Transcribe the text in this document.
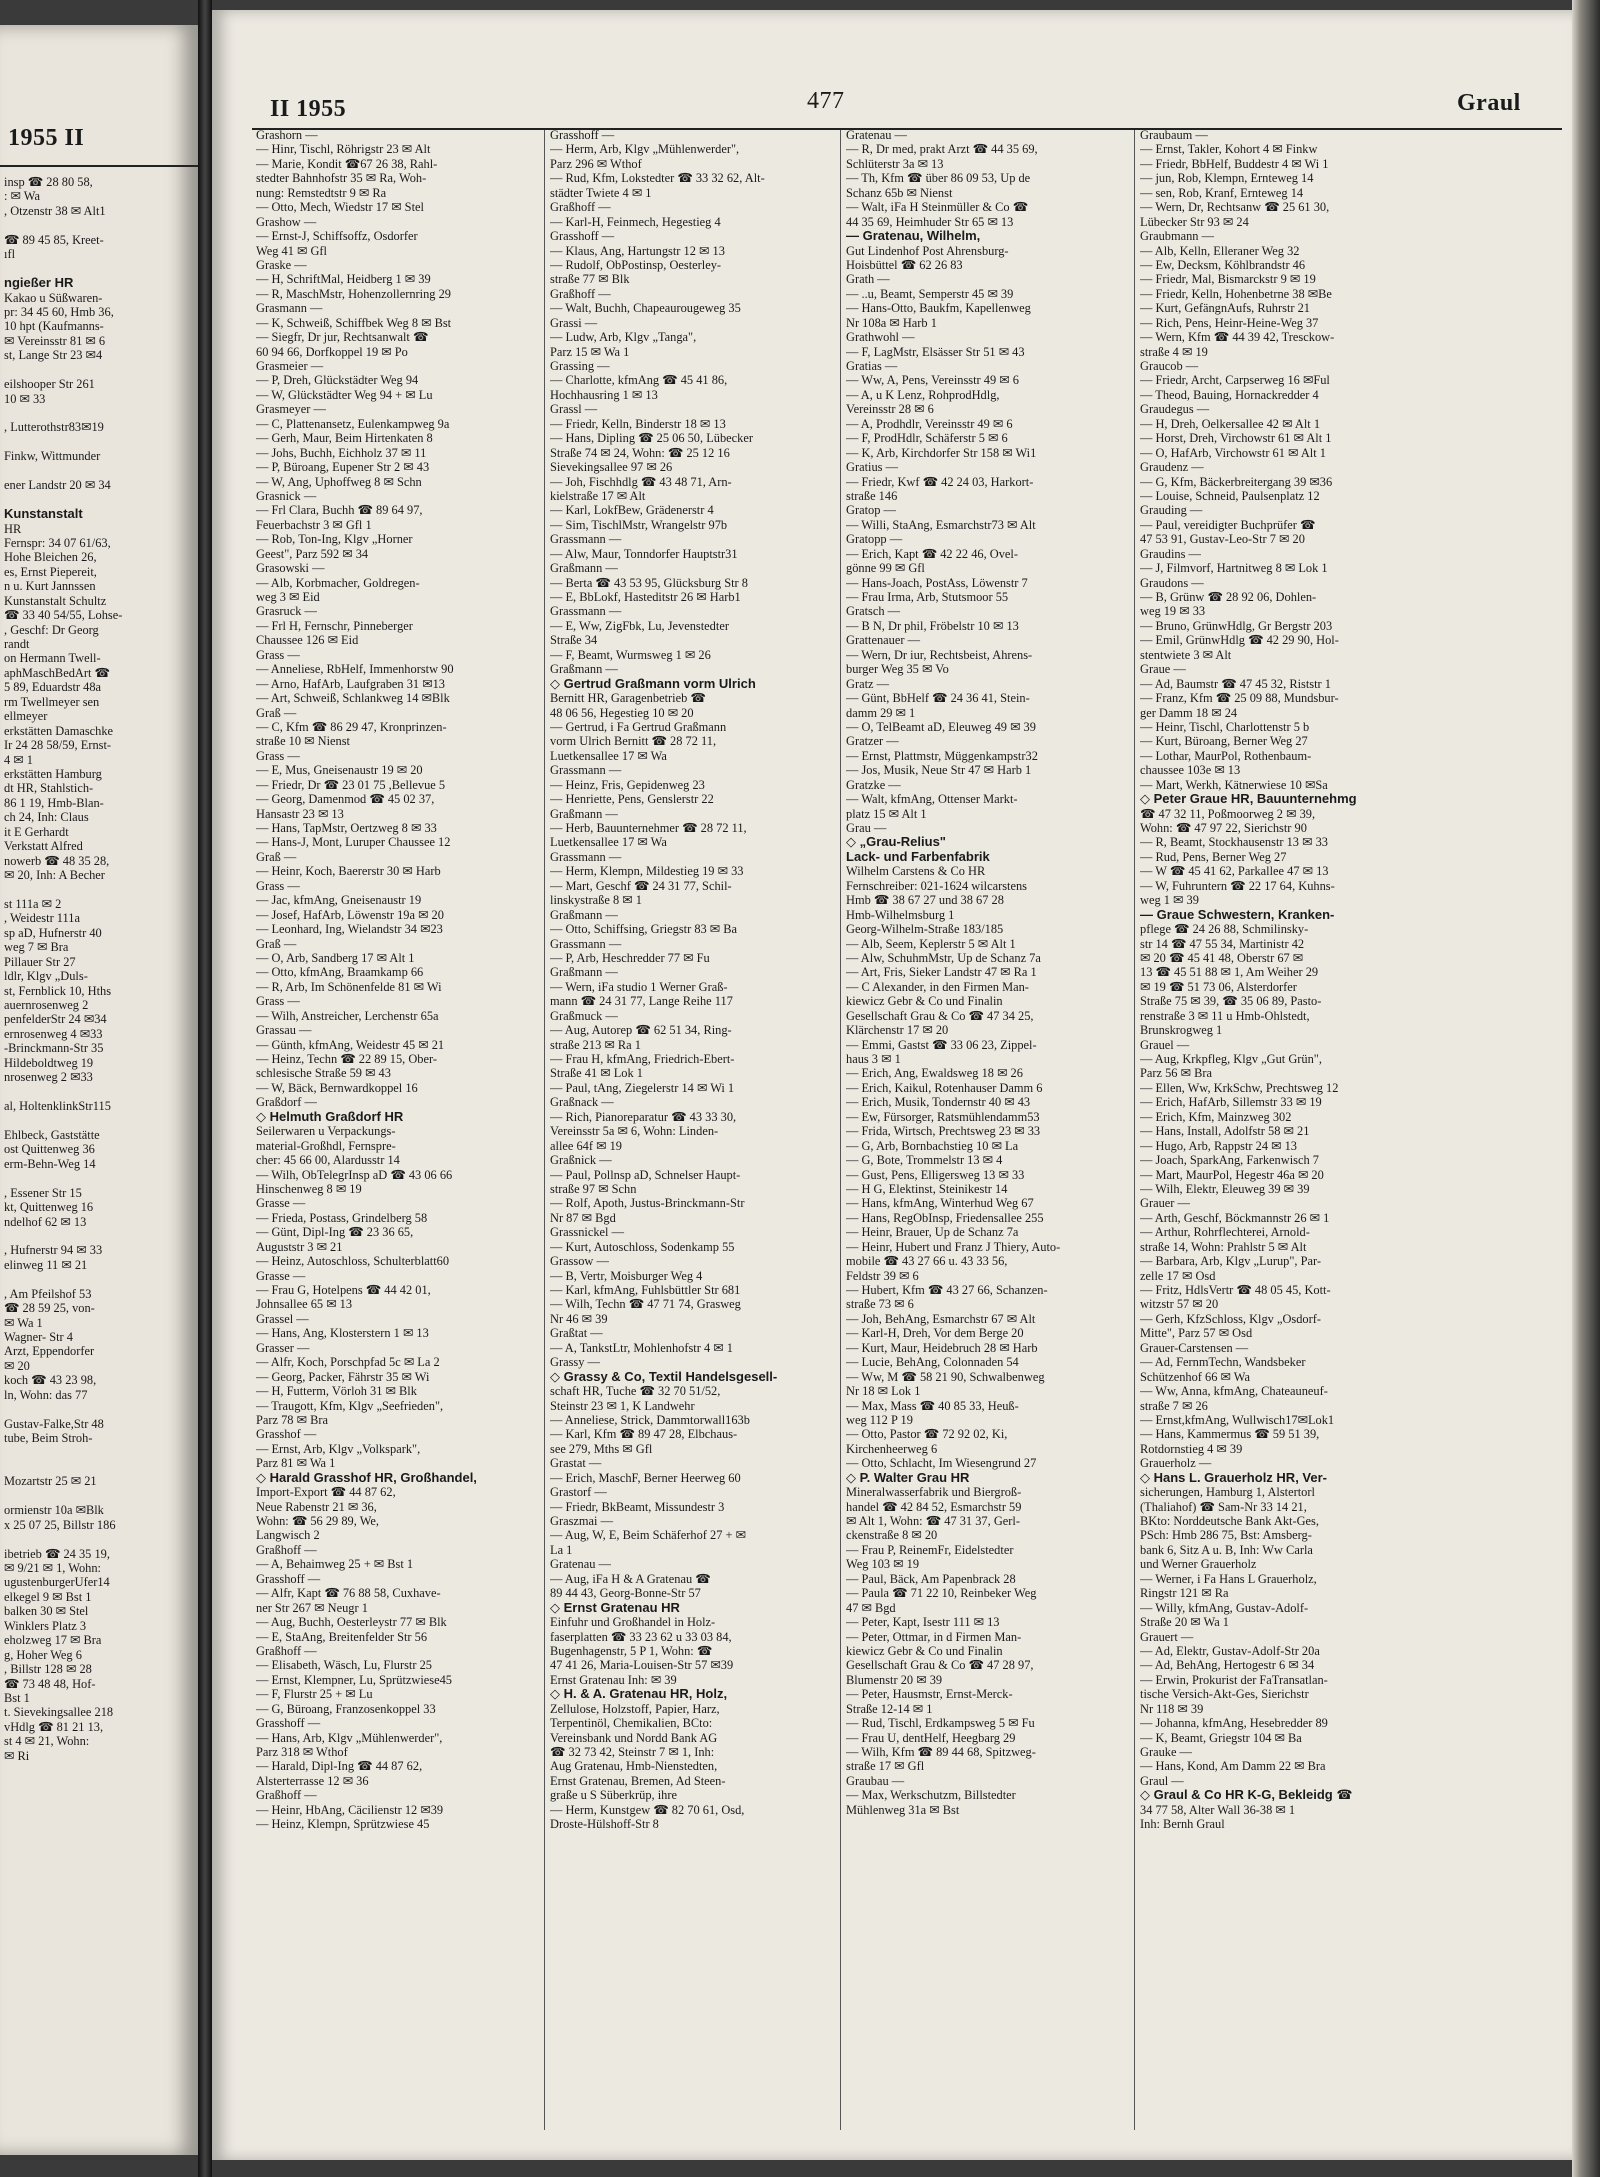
1955 II
insp ☎ 28 80 58,
: ✉ Wa
, Otzenstr 38 ✉ Alt1
☎ 89 45 85, Kreet-
ıfl
ngießer HR
Kakao u Süßwaren-
pr: 34 45 60, Hmb 36,
10 hpt (Kaufmanns-
✉ Vereinsstr 81 ✉ 6
st, Lange Str 23 ✉4
eilshooper Str 261
10 ✉ 33
, Lutterothstr83✉19
Finkw, Wittmunder
ener Landstr 20 ✉ 34
Kunstanstalt
HR
Fernspr: 34 07 61/63,
Hohe Bleichen 26,
es, Ernst Piepereit,
n u. Kurt Jannssen
Kunstanstalt Schultz
☎ 33 40 54/55, Lohse-
, Geschf: Dr Georg
randt
on Hermann Twell-
aphMaschBedArt ☎
5 89, Eduardstr 48a
rm Twellmeyer sen
ellmeyer
erkstätten Damaschke
Ir 24 28 58/59, Ernst-
4 ✉ 1
erkstätten Hamburg
dt HR, Stahlstich-
86 1 19, Hmb-Blan-
ch 24, Inh: Claus
it E Gerhardt
Verkstatt Alfred
nowerb ☎ 48 35 28,
✉ 20, Inh: A Becher
st 111a ✉ 2
, Weidestr 111a
sp aD, Hufnerstr 40
weg 7 ✉ Bra
Pillauer Str 27
ldlr, Klgv „Duls-
st, Fernblick 10, Hths
auernrosenweg 2
penfelderStr 24 ✉34
ernrosenweg 4 ✉33
-Brinckmann-Str 35
Hildeboldtweg 19
nrosenweg 2 ✉33
al, HoltenklinkStr115
Ehlbeck, Gaststätte
ost Quittenweg 36
erm-Behn-Weg 14
, Essener Str 15
kt, Quittenweg 16
ndelhof 62 ✉ 13
, Hufnerstr 94 ✉ 33
elinweg 11 ✉ 21
, Am Pfeilshof 53
☎ 28 59 25, von-
✉ Wa 1
Wagner- Str 4
Arzt, Eppendorfer
✉ 20
koch ☎ 43 23 98,
ln, Wohn: das 77
Gustav-Falke,Str 48
tube, Beim Stroh-
Mozartstr 25 ✉ 21
ormienstr 10a ✉Blk
x 25 07 25, Billstr 186
ibetrieb ☎ 24 35 19,
✉ 9/21 ✉ 1, Wohn:
ugustenburgerUfer14
elkegel 9 ✉ Bst 1
balken 30 ✉ Stel
Winklers Platz 3
eholzweg 17 ✉ Bra
g, Hoher Weg 6
, Billstr 128 ✉ 28
☎ 73 48 48, Hof-
Bst 1
t. Sievekingsallee 218
vHdlg ☎ 81 21 13,
st 4 ✉ 21, Wohn:
✉ Ri
II 1955	477	Graul
Grashorn —
— Hinr, Tischl, Röhrigstr 23 ✉ Alt
— Marie, Kondit ☎67 26 38, Rahl-
stedter Bahnhofstr 35 ✉ Ra, Woh-
nung: Remstedtstr 9 ✉ Ra
— Otto, Mech, Wiedstr 17 ✉ Stel
Grashow —
— Ernst-J, Schiffsoffz, Osdorfer
Weg 41 ✉ Gfl
Graske —
— H, SchriftMal, Heidberg 1 ✉ 39
— R, MaschMstr, Hohenzollernring 29
Grasmann —
— K, Schweiß, Schiffbek Weg 8 ✉ Bst
— Siegfr, Dr jur, Rechtsanwalt ☎
60 94 66, Dorfkoppel 19 ✉ Po
Grasmeier —
— P, Dreh, Glückstädter Weg 94
— W, Glückstädter Weg 94 + ✉ Lu
Grasmeyer —
— C, Plattenansetz, Eulenkampweg 9a
— Gerh, Maur, Beim Hirtenkaten 8
— Johs, Buchh, Eichholz 37 ✉ 11
— P, Büroang, Eupener Str 2 ✉ 43
— W, Ang, Uphoffweg 8 ✉ Schn
Grasnick —
— Frl Clara, Buchh ☎ 89 64 97,
Feuerbachstr 3 ✉ Gfl 1
— Rob, Ton-Ing, Klgv „Horner
Geest", Parz 592 ✉ 34
Grasowski —
— Alb, Korbmacher, Goldregen-
weg 3 ✉ Eid
Grasruck —
— Frl H, Fernschr, Pinneberger
Chaussee 126 ✉ Eid
Grass —
— Anneliese, RbHelf, Immenhorstw 90
— Arno, HafArb, Laufgraben 31 ✉13
— Art, Schweiß, Schlankweg 14 ✉Blk
Graß —
— C, Kfm ☎ 86 29 47, Kronprinzen-
straße 10 ✉ Nienst
Grass —
— E, Mus, Gneisenaustr 19 ✉ 20
— Friedr, Dr ☎ 23 01 75 ,Bellevue 5
— Georg, Damenmod ☎ 45 02 37,
Hansastr 23 ✉ 13
— Hans, TapMstr, Oertzweg 8 ✉ 33
— Hans-J, Mont, Luruper Chaussee 12
Graß —
— Heinr, Koch, Baererstr 30 ✉ Harb
Grass —
— Jac, kfmAng, Gneisenaustr 19
— Josef, HafArb, Löwenstr 19a ✉ 20
— Leonhard, Ing, Wielandstr 34 ✉23
Graß —
— O, Arb, Sandberg 17 ✉ Alt 1
— Otto, kfmAng, Braamkamp 66
— R, Arb, Im Schönenfelde 81 ✉ Wi
Grass —
— Wilh, Anstreicher, Lerchenstr 65a
Grassau —
— Günth, kfmAng, Weidestr 45 ✉ 21
— Heinz, Techn ☎ 22 89 15, Ober-
schlesische Straße 59 ✉ 43
— W, Bäck, Bernwardkoppel 16
Graßdorf —
◇ Helmuth Graßdorf HR
Seilerwaren u Verpackungs-
material-Großhdl, Fernspre-
cher: 45 66 00, Alardusstr 14
— Wilh, ObTelegrInsp aD ☎ 43 06 66
Hinschenweg 8 ✉ 19
Grasse —
— Frieda, Postass, Grindelberg 58
— Günt, Dipl-Ing ☎ 23 36 65,
Auguststr 3 ✉ 21
— Heinz, Autoschloss, Schulterblatt60
Grasse —
— Frau G, Hotelpens ☎ 44 42 01,
Johnsallee 65 ✉ 13
Grassel —
— Hans, Ang, Klosterstern 1 ✉ 13
Grasser —
— Alfr, Koch, Porschpfad 5c ✉ La 2
— Georg, Packer, Fährstr 35 ✉ Wi
— H, Futterm, Vörloh 31 ✉ Blk
— Traugott, Kfm, Klgv „Seefrieden",
Parz 78 ✉ Bra
Grasshof —
— Ernst, Arb, Klgv „Volkspark",
Parz 81 ✉ Wa 1
◇ Harald Grasshof HR, Großhandel,
Import-Export ☎ 44 87 62,
Neue Rabenstr 21 ✉ 36,
Wohn: ☎ 56 29 89, We,
Langwisch 2
Graßhoff —
— A, Behaimweg 25 + ✉ Bst 1
Grasshoff —
— Alfr, Kapt ☎ 76 88 58, Cuxhave-
ner Str 267 ✉ Neugr 1
— Aug, Buchh, Oesterleystr 77 ✉ Blk
— E, StaAng, Breitenfelder Str 56
Graßhoff —
— Elisabeth, Wäsch, Lu, Flurstr 25
— Ernst, Klempner, Lu, Sprützwiese45
— F, Flurstr 25 + ✉ Lu
— G, Büroang, Franzosenkoppel 33
Grasshoff —
— Hans, Arb, Klgv „Mühlenwerder",
Parz 318 ✉ Wthof
— Harald, Dipl-Ing ☎ 44 87 62,
Alsterterrasse 12 ✉ 36
Graßhoff —
— Heinr, HbAng, Cäcilienstr 12 ✉39
— Heinz, Klempn, Sprützwiese 45
Grasshoff —
— Herm, Arb, Klgv „Mühlenwerder",
Parz 296 ✉ Wthof
— Rud, Kfm, Lokstedter ☎ 33 32 62, Alt-
städter Twiete 4 ✉ 1
Graßhoff —
— Karl-H, Feinmech, Hegestieg 4
Grasshoff —
— Klaus, Ang, Hartungstr 12 ✉ 13
— Rudolf, ObPostinsp, Oesterley-
straße 77 ✉ Blk
Graßhoff —
— Walt, Buchh, Chapeaurougeweg 35
Grassi —
— Ludw, Arb, Klgv „Tanga",
Parz 15 ✉ Wa 1
Grassing —
— Charlotte, kfmAng ☎ 45 41 86,
Hochhausring 1 ✉ 13
Grassl —
— Friedr, Kelln, Binderstr 18 ✉ 13
— Hans, Dipling ☎ 25 06 50, Lübecker
Straße 74 ✉ 24, Wohn: ☎ 25 12 16
Sievekingsallee 97 ✉ 26
— Joh, Fischhdlg ☎ 43 48 71, Arn-
kielstraße 17 ✉ Alt
— Karl, LokfBew, Grädenerstr 4
— Sim, TischlMstr, Wrangelstr 97b
Grassmann —
— Alw, Maur, Tonndorfer Hauptstr31
Graßmann —
— Berta ☎ 43 53 95, Glücksburg Str 8
— E, BbLokf, Hasteditstr 26 ✉ Harb1
Grassmann —
— E, Ww, ZigFbk, Lu, Jevenstedter
Straße 34
— F, Beamt, Wurmsweg 1 ✉ 26
Graßmann —
◇ Gertrud Graßmann vorm Ulrich
Bernitt HR, Garagenbetrieb ☎
48 06 56, Hegestieg 10 ✉ 20
— Gertrud, i Fa Gertrud Graßmann
vorm Ulrich Bernitt ☎ 28 72 11,
Luetkensallee 17 ✉ Wa
Grassmann —
— Heinz, Fris, Gepidenweg 23
— Henriette, Pens, Genslerstr 22
Graßmann —
— Herb, Bauunternehmer ☎ 28 72 11,
Luetkensallee 17 ✉ Wa
Grassmann —
— Herm, Klempn, Mildestieg 19 ✉ 33
— Mart, Geschf ☎ 24 31 77, Schil-
linskystraße 8 ✉ 1
Graßmann —
— Otto, Schiffsing, Griegstr 83 ✉ Ba
Grassmann —
— P, Arb, Heschredder 77 ✉ Fu
Graßmann —
— Wern, iFa studio 1 Werner Graß-
mann ☎ 24 31 77, Lange Reihe 117
Graßmuck —
— Aug, Autorep ☎ 62 51 34, Ring-
straße 213 ✉ Ra 1
— Frau H, kfmAng, Friedrich-Ebert-
Straße 41 ✉ Lok 1
— Paul, tAng, Ziegelerstr 14 ✉ Wi 1
Graßnack —
— Rich, Pianoreparatur ☎ 43 33 30,
Vereinsstr 5a ✉ 6, Wohn: Linden-
allee 64f ✉ 19
Graßnick —
— Paul, Pollnsp aD, Schnelser Haupt-
straße 97 ✉ Schn
— Rolf, Apoth, Justus-Brinckmann-Str
Nr 87 ✉ Bgd
Grassnickel —
— Kurt, Autoschloss, Sodenkamp 55
Grassow —
— B, Vertr, Moisburger Weg 4
— Karl, kfmAng, Fuhlsbüttler Str 681
— Wilh, Techn ☎ 47 71 74, Grasweg
Nr 46 ✉ 39
Graßtat —
— A, TankstLtr, Mohlenhofstr 4 ✉ 1
Grassy —
◇ Grassy & Co, Textil Handelsgesell-
schaft HR, Tuche ☎ 32 70 51/52,
Steinstr 23 ✉ 1, K Landwehr
— Anneliese, Strick, Dammtorwall163b
— Karl, Kfm ☎ 89 47 28, Elbchaus-
see 279, Mths ✉ Gfl
Grastat —
— Erich, MaschF, Berner Heerweg 60
Grastorf —
— Friedr, BkBeamt, Missundestr 3
Graszmai —
— Aug, W, E, Beim Schäferhof 27 + ✉
La 1
Gratenau —
— Aug, iFa H & A Gratenau ☎
89 44 43, Georg-Bonne-Str 57
◇ Ernst Gratenau HR
Einfuhr und Großhandel in Holz-
faserplatten ☎ 33 23 62 u 33 03 84,
Bugenhagenstr, 5 P 1, Wohn: ☎
47 41 26, Maria-Louisen-Str 57 ✉39
Ernst Gratenau Inh: ✉ 39
◇ H. & A. Gratenau HR, Holz,
Zellulose, Holzstoff, Papier, Harz,
Terpentinöl, Chemikalien, BCto:
Vereinsbank und Nordd Bank AG
☎ 32 73 42, Steinstr 7 ✉ 1, Inh:
Aug Gratenau, Hmb-Nienstedten,
Ernst Gratenau, Bremen, Ad Steen-
graße u S Süberkrüp, ihre
— Herm, Kunstgew ☎ 82 70 61, Osd,
Droste-Hülshoff-Str 8
Gratenau —
— R, Dr med, prakt Arzt ☎ 44 35 69,
Schlüterstr 3a ✉ 13
— Th, Kfm ☎ über 86 09 53, Up de
Schanz 65b ✉ Nienst
— Walt, iFa H Steinmüller & Co ☎
44 35 69, Heimhuder Str 65 ✉ 13
— Gratenau, Wilhelm,
Gut Lindenhof Post Ahrensburg-
Hoisbüttel ☎ 62 26 83
Grath —
— ..u, Beamt, Semperstr 45 ✉ 39
— Hans-Otto, Baukfm, Kapellenweg
Nr 108a ✉ Harb 1
Grathwohl —
— F, LagMstr, Elsässer Str 51 ✉ 43
Gratias —
— Ww, A, Pens, Vereinsstr 49 ✉ 6
— A, u K Lenz, RohprodHdlg,
Vereinsstr 28 ✉ 6
— A, Prodhdlr, Vereinsstr 49 ✉ 6
— F, ProdHdlr, Schäferstr 5 ✉ 6
— K, Arb, Kirchdorfer Str 158 ✉ Wi1
Gratius —
— Friedr, Kwf ☎ 42 24 03, Harkort-
straße 146
Gratop —
— Willi, StaAng, Esmarchstr73 ✉ Alt
Gratopp —
— Erich, Kapt ☎ 42 22 46, Ovel-
gönne 99 ✉ Gfl
— Hans-Joach, PostAss, Löwenstr 7
— Frau Irma, Arb, Stutsmoor 55
Gratsch —
— B N, Dr phil, Fröbelstr 10 ✉ 13
Grattenauer —
— Wern, Dr iur, Rechtsbeist, Ahrens-
burger Weg 35 ✉ Vo
Gratz —
— Günt, BbHelf ☎ 24 36 41, Stein-
damm 29 ✉ 1
— O, TelBeamt aD, Eleuweg 49 ✉ 39
Gratzer —
— Ernst, Plattmstr, Müggenkampstr32
— Jos, Musik, Neue Str 47 ✉ Harb 1
Gratzke —
— Walt, kfmAng, Ottenser Markt-
platz 15 ✉ Alt 1
Grau —
◇ „Grau-Relius"
Lack- und Farbenfabrik
Wilhelm Carstens & Co HR
Fernschreiber: 021-1624 wilcarstens
Hmb ☎ 38 67 27 und 38 67 28
Hmb-Wilhelmsburg 1
Georg-Wilhelm-Straße 183/185
— Alb, Seem, Keplerstr 5 ✉ Alt 1
— Alw, SchuhmMstr, Up de Schanz 7a
— Art, Fris, Sieker Landstr 47 ✉ Ra 1
— C Alexander, in den Firmen Man-
kiewicz Gebr & Co und Finalin
Gesellschaft Grau & Co ☎ 47 34 25,
Klärchenstr 17 ✉ 20
— Emmi, Gastst ☎ 33 06 23, Zippel-
haus 3 ✉ 1
— Erich, Ang, Ewaldsweg 18 ✉ 26
— Erich, Kaikul, Rotenhauser Damm 6
— Erich, Musik, Tondernstr 40 ✉ 43
— Ew, Fürsorger, Ratsmühlendamm53
— Frida, Wirtsch, Prechtsweg 23 ✉ 33
— G, Arb, Bornbachstieg 10 ✉ La
— G, Bote, Trommelstr 13 ✉ 4
— Gust, Pens, Elligersweg 13 ✉ 33
— H G, Elektinst, Steinikestr 14
— Hans, kfmAng, Winterhud Weg 67
— Hans, RegObInsp, Friedensallee 255
— Heinr, Brauer, Up de Schanz 7a
— Heinr, Hubert und Franz J Thiery, Auto-
mobile ☎ 43 27 66 u. 43 33 56,
Feldstr 39 ✉ 6
— Hubert, Kfm ☎ 43 27 66, Schanzen-
straße 73 ✉ 6
— Joh, BehAng, Esmarchstr 67 ✉ Alt
— Karl-H, Dreh, Vor dem Berge 20
— Kurt, Maur, Heidebruch 28 ✉ Harb
— Lucie, BehAng, Colonnaden 54
— Ww, M ☎ 58 21 90, Schwalbenweg
Nr 18 ✉ Lok 1
— Max, Mass ☎ 40 85 33, Heuß-
weg 112 P 19
— Otto, Pastor ☎ 72 92 02, Ki,
Kirchenheerweg 6
— Otto, Schlacht, Im Wiesengrund 27
◇ P. Walter Grau HR
Mineralwasserfabrik und Biergroß-
handel ☎ 42 84 52, Esmarchstr 59
✉ Alt 1, Wohn: ☎ 47 31 37, Gerl-
ckenstraße 8 ✉ 20
— Frau P, ReinemFr, Eidelstedter
Weg 103 ✉ 19
— Paul, Bäck, Am Papenbrack 28
— Paula ☎ 71 22 10, Reinbeker Weg
47 ✉ Bgd
— Peter, Kapt, Isestr 111 ✉ 13
— Peter, Ottmar, in d Firmen Man-
kiewicz Gebr & Co und Finalin
Gesellschaft Grau & Co ☎ 47 28 97,
Blumenstr 20 ✉ 39
— Peter, Hausmstr, Ernst-Merck-
Straße 12-14 ✉ 1
— Rud, Tischl, Erdkampsweg 5 ✉ Fu
— Frau U, dentHelf, Heegbarg 29
— Wilh, Kfm ☎ 89 44 68, Spitzweg-
straße 17 ✉ Gfl
Graubau —
— Max, Werkschutzm, Billstedter
Mühlenweg 31a ✉ Bst
Graubaum —
— Ernst, Takler, Kohort 4 ✉ Finkw
— Friedr, BbHelf, Buddestr 4 ✉ Wi 1
— jun, Rob, Klempn, Ernteweg 14
— sen, Rob, Kranf, Ernteweg 14
— Wern, Dr, Rechtsanw ☎ 25 61 30,
Lübecker Str 93 ✉ 24
Graubmann —
— Alb, Kelln, Elleraner Weg 32
— Ew, Decksm, Köhlbrandstr 46
— Friedr, Mal, Bismarckstr 9 ✉ 19
— Friedr, Kelln, Hohenbetrne 38 ✉Be
— Kurt, GefängnAufs, Ruhrstr 21
— Rich, Pens, Heinr-Heine-Weg 37
— Wern, Kfm ☎ 44 39 42, Tresckow-
straße 4 ✉ 19
Graucob —
— Friedr, Archt, Carpserweg 16 ✉Ful
— Theod, Bauing, Hornackredder 4
Graudegus —
— H, Dreh, Oelkersallee 42 ✉ Alt 1
— Horst, Dreh, Virchowstr 61 ✉ Alt 1
— O, HafArb, Virchowstr 61 ✉ Alt 1
Graudenz —
— G, Kfm, Bäckerbreitergang 39 ✉36
— Louise, Schneid, Paulsenplatz 12
Grauding —
— Paul, vereidigter Buchprüfer ☎
47 53 91, Gustav-Leo-Str 7 ✉ 20
Graudins —
— J, Filmvorf, Hartnitweg 8 ✉ Lok 1
Graudons —
— B, Grünw ☎ 28 92 06, Dohlen-
weg 19 ✉ 33
— Bruno, GrünwHdlg, Gr Bergstr 203
— Emil, GrünwHdlg ☎ 42 29 90, Hol-
stentwiete 3 ✉ Alt
Graue —
— Ad, Baumstr ☎ 47 45 32, Riststr 1
— Franz, Kfm ☎ 25 09 88, Mundsbur-
ger Damm 18 ✉ 24
— Heinr, Tischl, Charlottenstr 5 b
— Kurt, Büroang, Berner Weg 27
— Lothar, MaurPol, Rothenbaum-
chaussee 103e ✉ 13
— Mart, Werkh, Kätnerwiese 10 ✉Sa
◇ Peter Graue HR, Bauunternehmg
☎ 47 32 11, Poßmoorweg 2 ✉ 39,
Wohn: ☎ 47 97 22, Sierichstr 90
— R, Beamt, Stockhausenstr 13 ✉ 33
— Rud, Pens, Berner Weg 27
— W ☎ 45 41 62, Parkallee 47 ✉ 13
— W, Fuhruntern ☎ 22 17 64, Kuhns-
weg 1 ✉ 39
— Graue Schwestern, Kranken-
pflege ☎ 24 26 88, Schmilinsky-
str 14 ☎ 47 55 34, Martinistr 42
✉ 20 ☎ 45 41 48, Oberstr 67 ✉
13 ☎ 45 51 88 ✉ 1, Am Weiher 29
✉ 19 ☎ 51 73 06, Alsterdorfer
Straße 75 ✉ 39, ☎ 35 06 89, Pasto-
renstraße 3 ✉ 11 u Hmb-Ohlstedt,
Brunskrogweg 1
Grauel —
— Aug, Krkpfleg, Klgv „Gut Grün",
Parz 56 ✉ Bra
— Ellen, Ww, KrkSchw, Prechtsweg 12
— Erich, HafArb, Sillemstr 33 ✉ 19
— Erich, Kfm, Mainzweg 302
— Hans, Install, Adolfstr 58 ✉ 21
— Hugo, Arb, Rappstr 24 ✉ 13
— Joach, SparkAng, Farkenwisch 7
— Mart, MaurPol, Hegestr 46a ✉ 20
— Wilh, Elektr, Eleuweg 39 ✉ 39
Grauer —
— Arth, Geschf, Böckmannstr 26 ✉ 1
— Arthur, Rohrflechterei, Arnold-
straße 14, Wohn: Prahlstr 5 ✉ Alt
— Barbara, Arb, Klgv „Lurup", Par-
zelle 17 ✉ Osd
— Fritz, HdlsVertr ☎ 48 05 45, Kott-
witzstr 57 ✉ 20
— Gerh, KfzSchloss, Klgv „Osdorf-
Mitte", Parz 57 ✉ Osd
Grauer-Carstensen —
— Ad, FernmTechn, Wandsbeker
Schützenhof 66 ✉ Wa
— Ww, Anna, kfmAng, Chateauneuf-
straße 7 ✉ 26
— Ernst,kfmAng, Wullwisch17✉Lok1
— Hans, Kammermus ☎ 59 51 39,
Rotdornstieg 4 ✉ 39
Grauerholz —
◇ Hans L. Grauerholz HR, Ver-
sicherungen, Hamburg 1, Alstertorl
(Thaliahof) ☎ Sam-Nr 33 14 21,
BKto: Norddeutsche Bank Akt-Ges,
PSch: Hmb 286 75, Bst: Amsberg-
bank 6, Sitz A u. B, Inh: Ww Carla
und Werner Grauerholz
— Werner, i Fa Hans L Grauerholz,
Ringstr 121 ✉ Ra
— Willy, kfmAng, Gustav-Adolf-
Straße 20 ✉ Wa 1
Grauert —
— Ad, Elektr, Gustav-Adolf-Str 20a
— Ad, BehAng, Hertogestr 6 ✉ 34
— Erwin, Prokurist der FaTransatlan-
tische Versich-Akt-Ges, Sierichstr
Nr 118 ✉ 39
— Johanna, kfmAng, Hesebredder 89
— K, Beamt, Griegstr 104 ✉ Ba
Grauke —
— Hans, Kond, Am Damm 22 ✉ Bra
Graul —
◇ Graul & Co HR K-G, Bekleidg ☎
34 77 58, Alter Wall 36-38 ✉ 1
Inh: Bernh Graul
